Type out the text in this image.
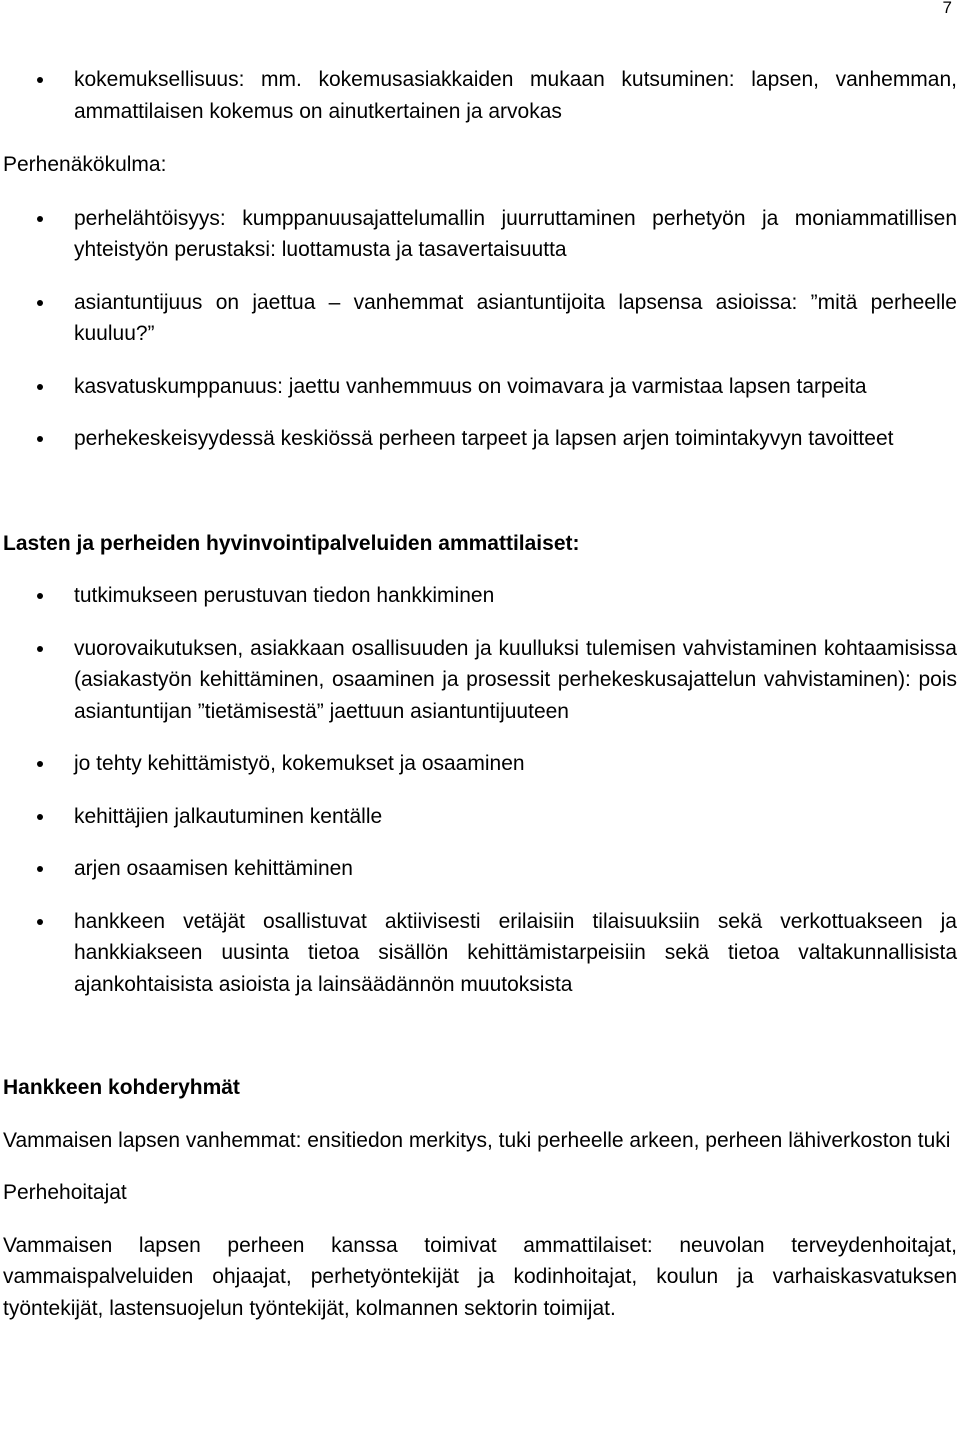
7
kokemuksellisuus: mm. kokemusasiakkaiden mukaan kutsuminen: lapsen, vanhemman, ammattilaisen kokemus on ainutkertainen ja arvokas
Perhenäkökulma:
perhelähtöisyys: kumppanuusajattelumallin juurruttaminen perhetyön ja moniammatillisen yhteistyön perustaksi: luottamusta ja tasavertaisuutta
asiantuntijuus on jaettua – vanhemmat asiantuntijoita lapsensa asioissa: ”mitä perheelle kuuluu?”
kasvatuskumppanuus: jaettu vanhemmuus on voimavara ja varmistaa lapsen tarpeita
perhekeskeisyydessä keskiössä perheen tarpeet ja lapsen arjen toimintakyvyn tavoitteet
Lasten ja perheiden hyvinvointipalveluiden ammattilaiset:
tutkimukseen perustuvan tiedon hankkiminen
vuorovaikutuksen, asiakkaan osallisuuden ja kuulluksi tulemisen vahvistaminen kohtaamisissa (asiakastyön kehittäminen, osaaminen ja prosessit perhekeskusajattelun vahvistaminen): pois asiantuntijan ”tietämisestä” jaettuun asiantuntijuuteen
jo tehty kehittämistyö, kokemukset ja osaaminen
kehittäjien jalkautuminen kentälle
arjen osaamisen kehittäminen
hankkeen vetäjät osallistuvat aktiivisesti erilaisiin tilaisuuksiin sekä verkottuakseen ja hankkiakseen uusinta tietoa sisällön kehittämistarpeisiin sekä tietoa valtakunnallisista ajankohtaisista asioista ja lainsäädännön muutoksista
Hankkeen kohderyhmät

Vammaisen lapsen vanhemmat: ensitiedon merkitys, tuki perheelle arkeen, perheen lähiverkoston tuki

Perhehoitajat

Vammaisen lapsen perheen kanssa toimivat ammattilaiset: neuvolan terveydenhoitajat, vammaispalveluiden ohjaajat, perhetyöntekijät ja kodinhoitajat, koulun ja varhaiskasvatuksen työntekijät, lastensuojelun työntekijät, kolmannen sektorin toimijat.
